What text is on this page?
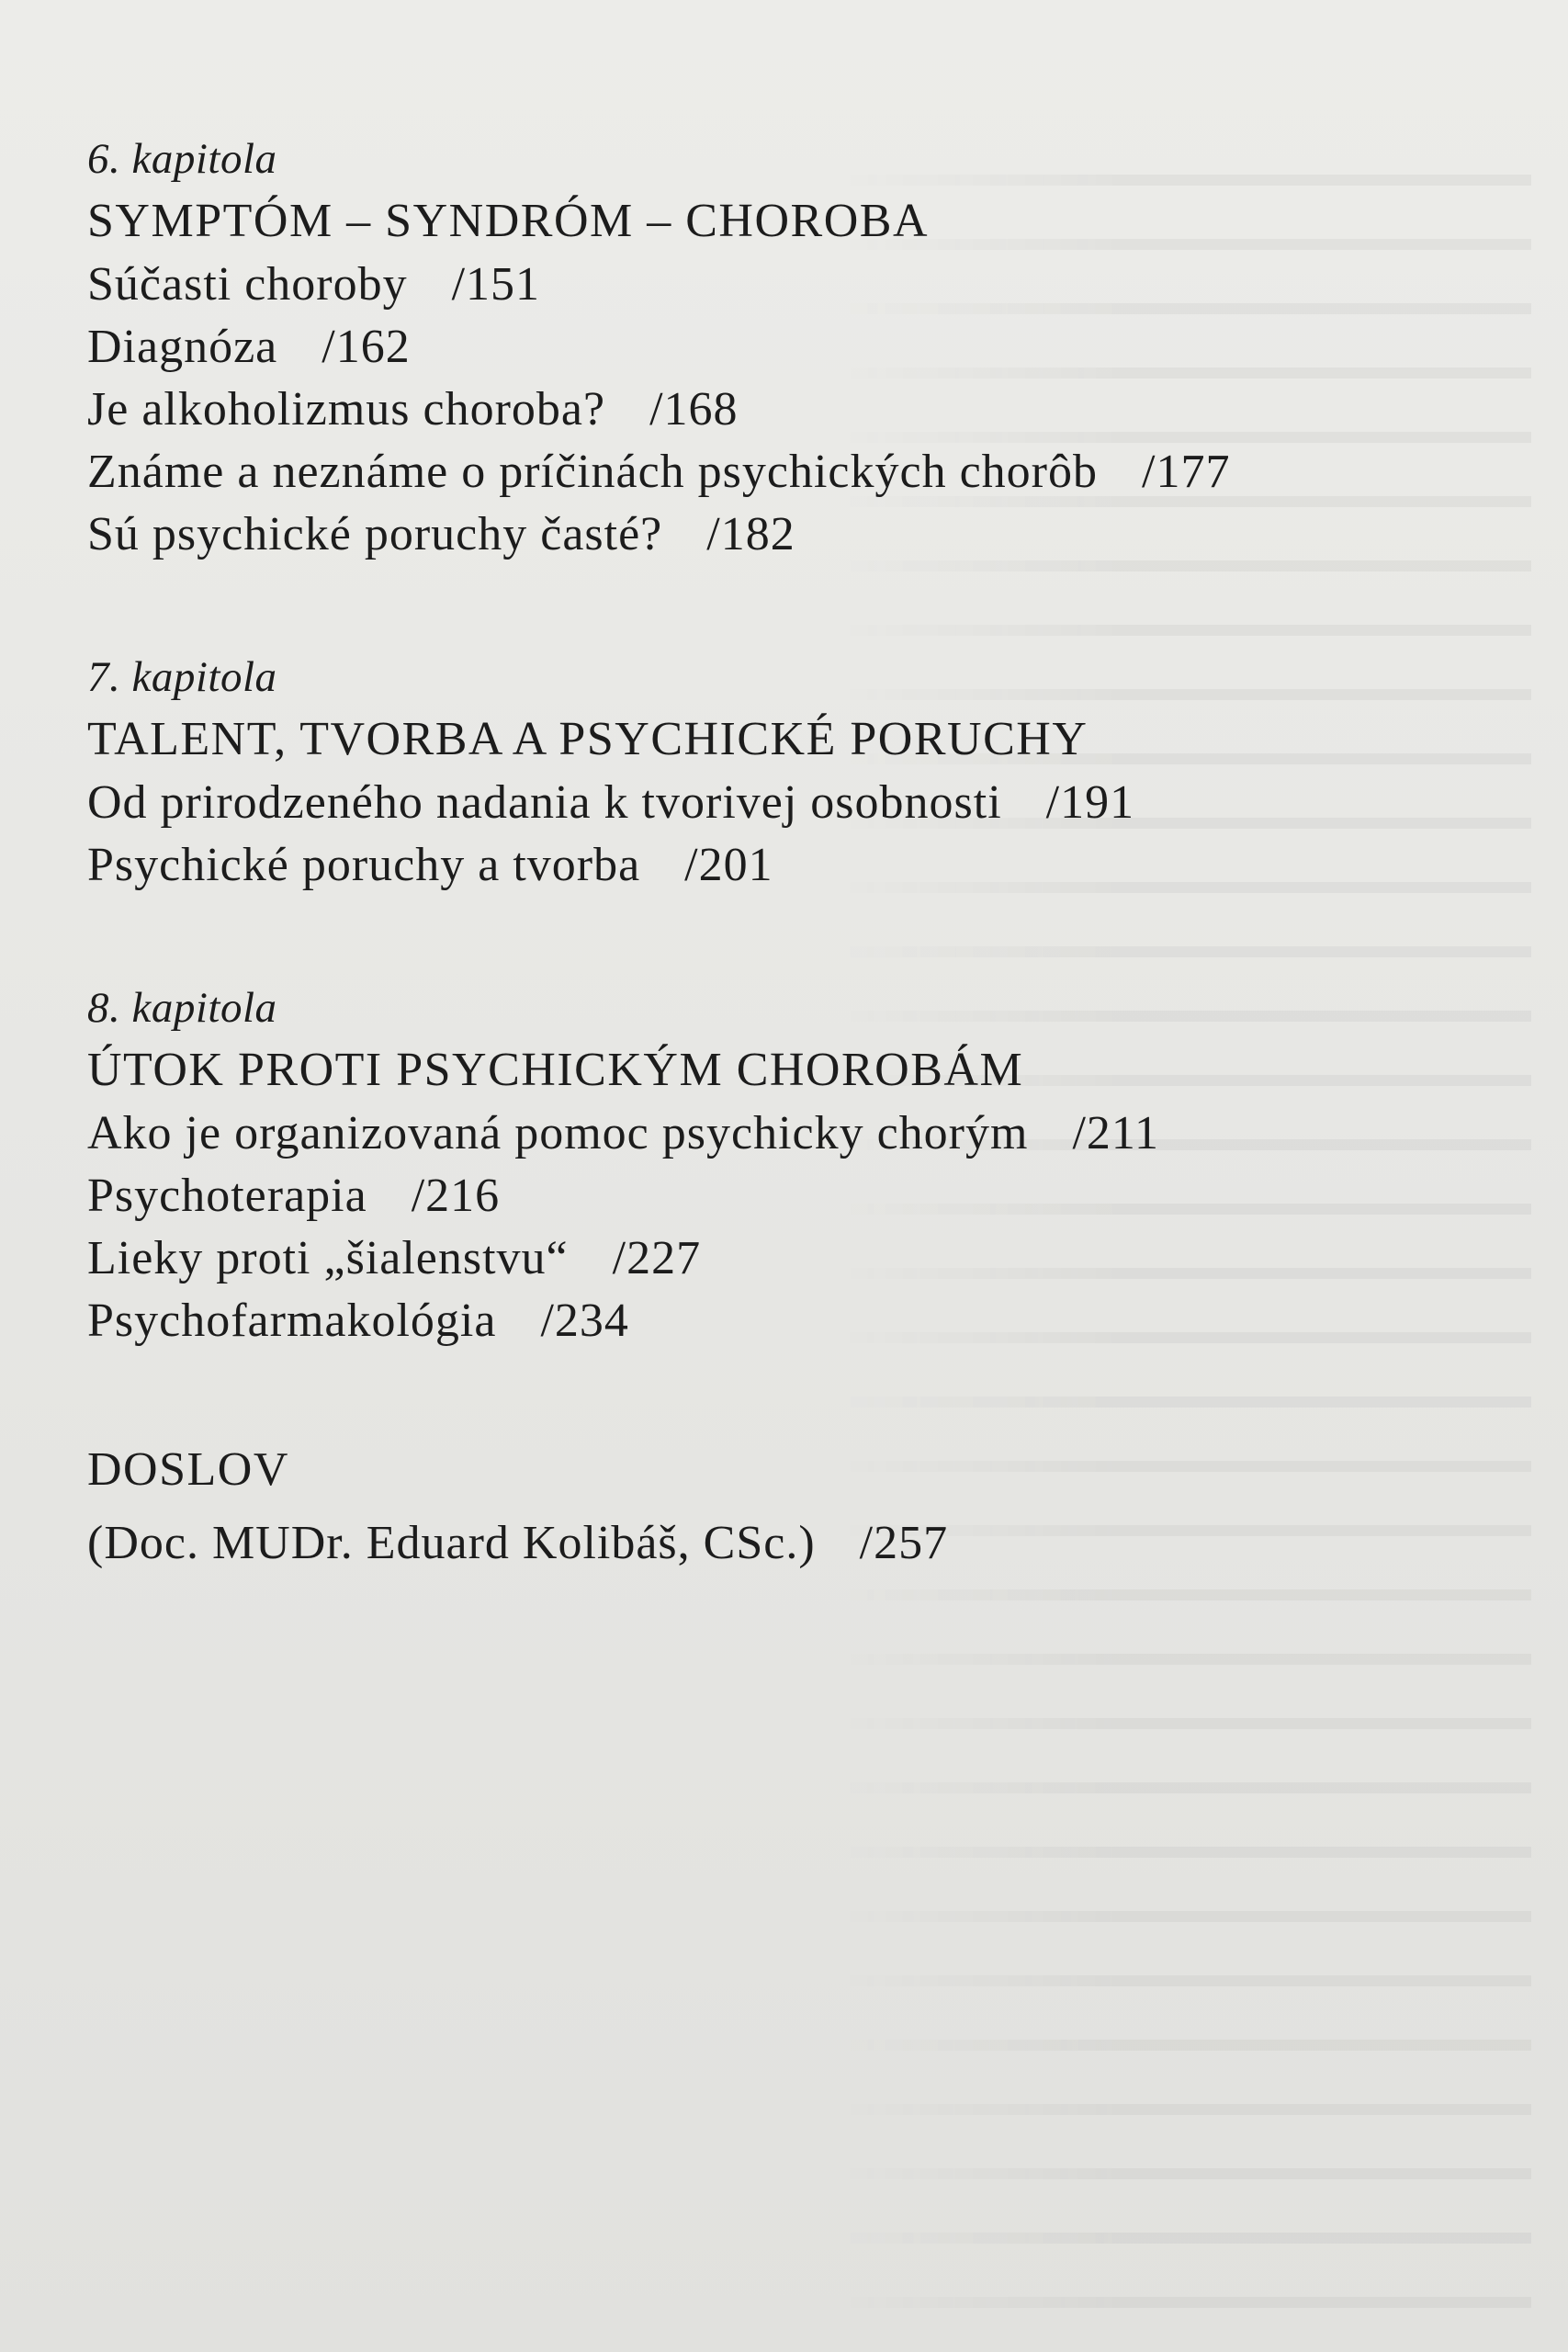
6. kapitola
SYMPTÓM – SYNDRÓM – CHOROBA
Súčasti choroby /151
Diagnóza /162
Je alkoholizmus choroba? /168
Známe a neznáme o príčinách psychických chorôb /177
Sú psychické poruchy časté? /182
7. kapitola
TALENT, TVORBA A PSYCHICKÉ PORUCHY
Od prirodzeného nadania k tvorivej osobnosti /191
Psychické poruchy a tvorba /201
8. kapitola
ÚTOK PROTI PSYCHICKÝM CHOROBÁM
Ako je organizovaná pomoc psychicky chorým /211
Psychoterapia /216
Lieky proti „šialenstvu“ /227
Psychofarmakológia /234
DOSLOV
(Doc. MUDr. Eduard Kolibáš, CSc.) /257
